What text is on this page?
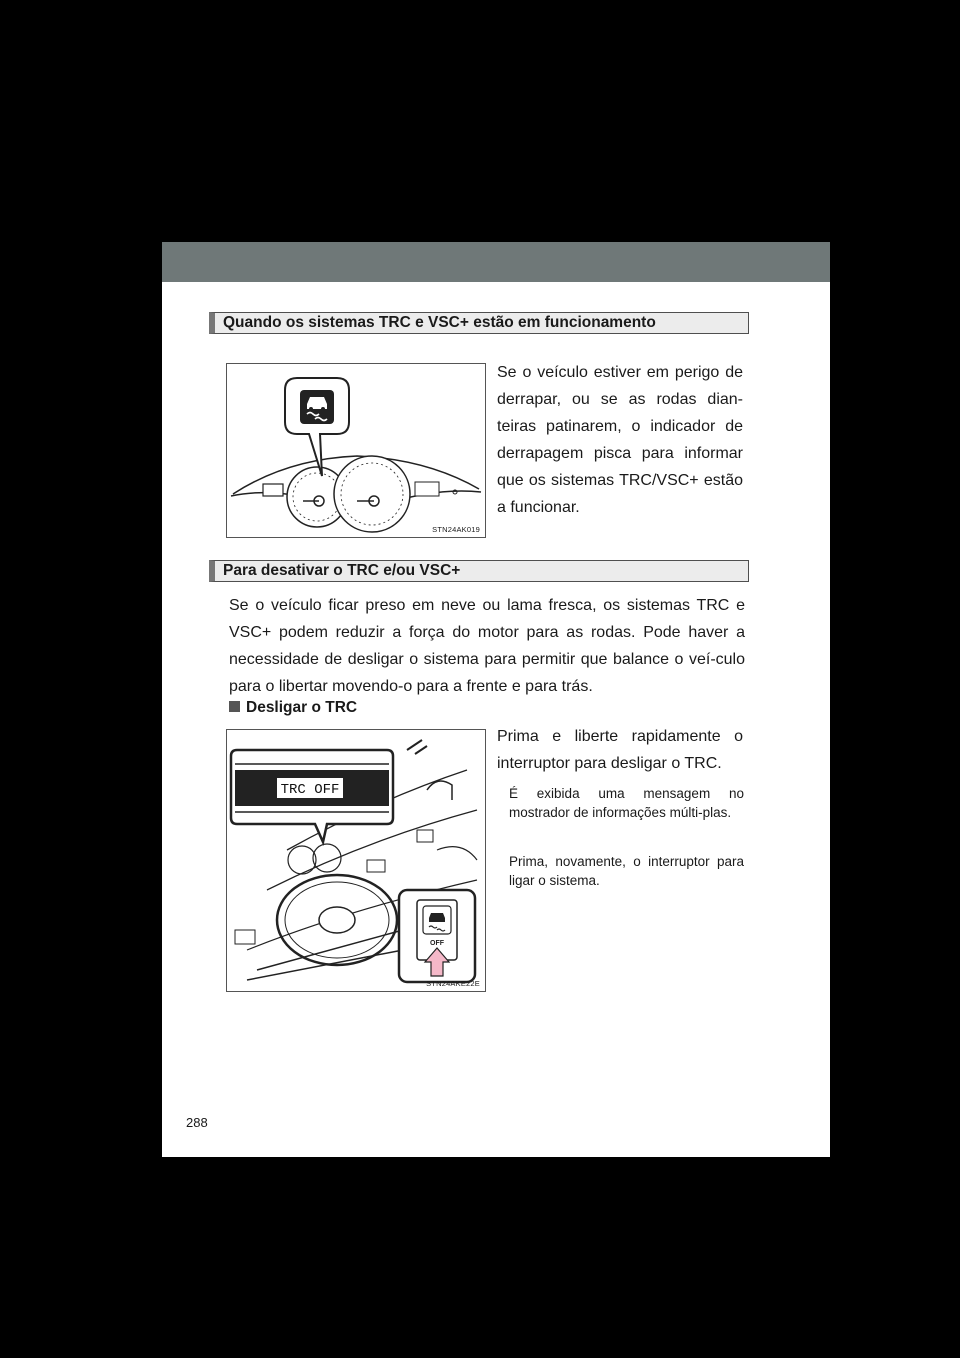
Quando os sistemas TRC e VSC+ estão em funcionamento
STN24AK019
Se o veículo estiver em perigo de derrapar, ou se as rodas dian-teiras patinarem, o indicador de derrapagem pisca para informar que os sistemas TRC/VSC+ estão a funcionar.
Para desativar o TRC e/ou VSC+
Se o veículo ficar preso em neve ou lama fresca, os sistemas TRC e VSC+ podem reduzir a força do motor para as rodas. Pode haver a necessidade de desligar o sistema para permitir que balance o veí-culo para o libertar movendo-o para a frente e para trás.
Desligar o TRC
TRC OFF
OFF
STN24AKE22E
Prima e liberte rapidamente o interruptor para desligar o TRC.
É exibida uma mensagem no mostrador de informações múlti-plas.
Prima, novamente, o interruptor para ligar o sistema.
288
